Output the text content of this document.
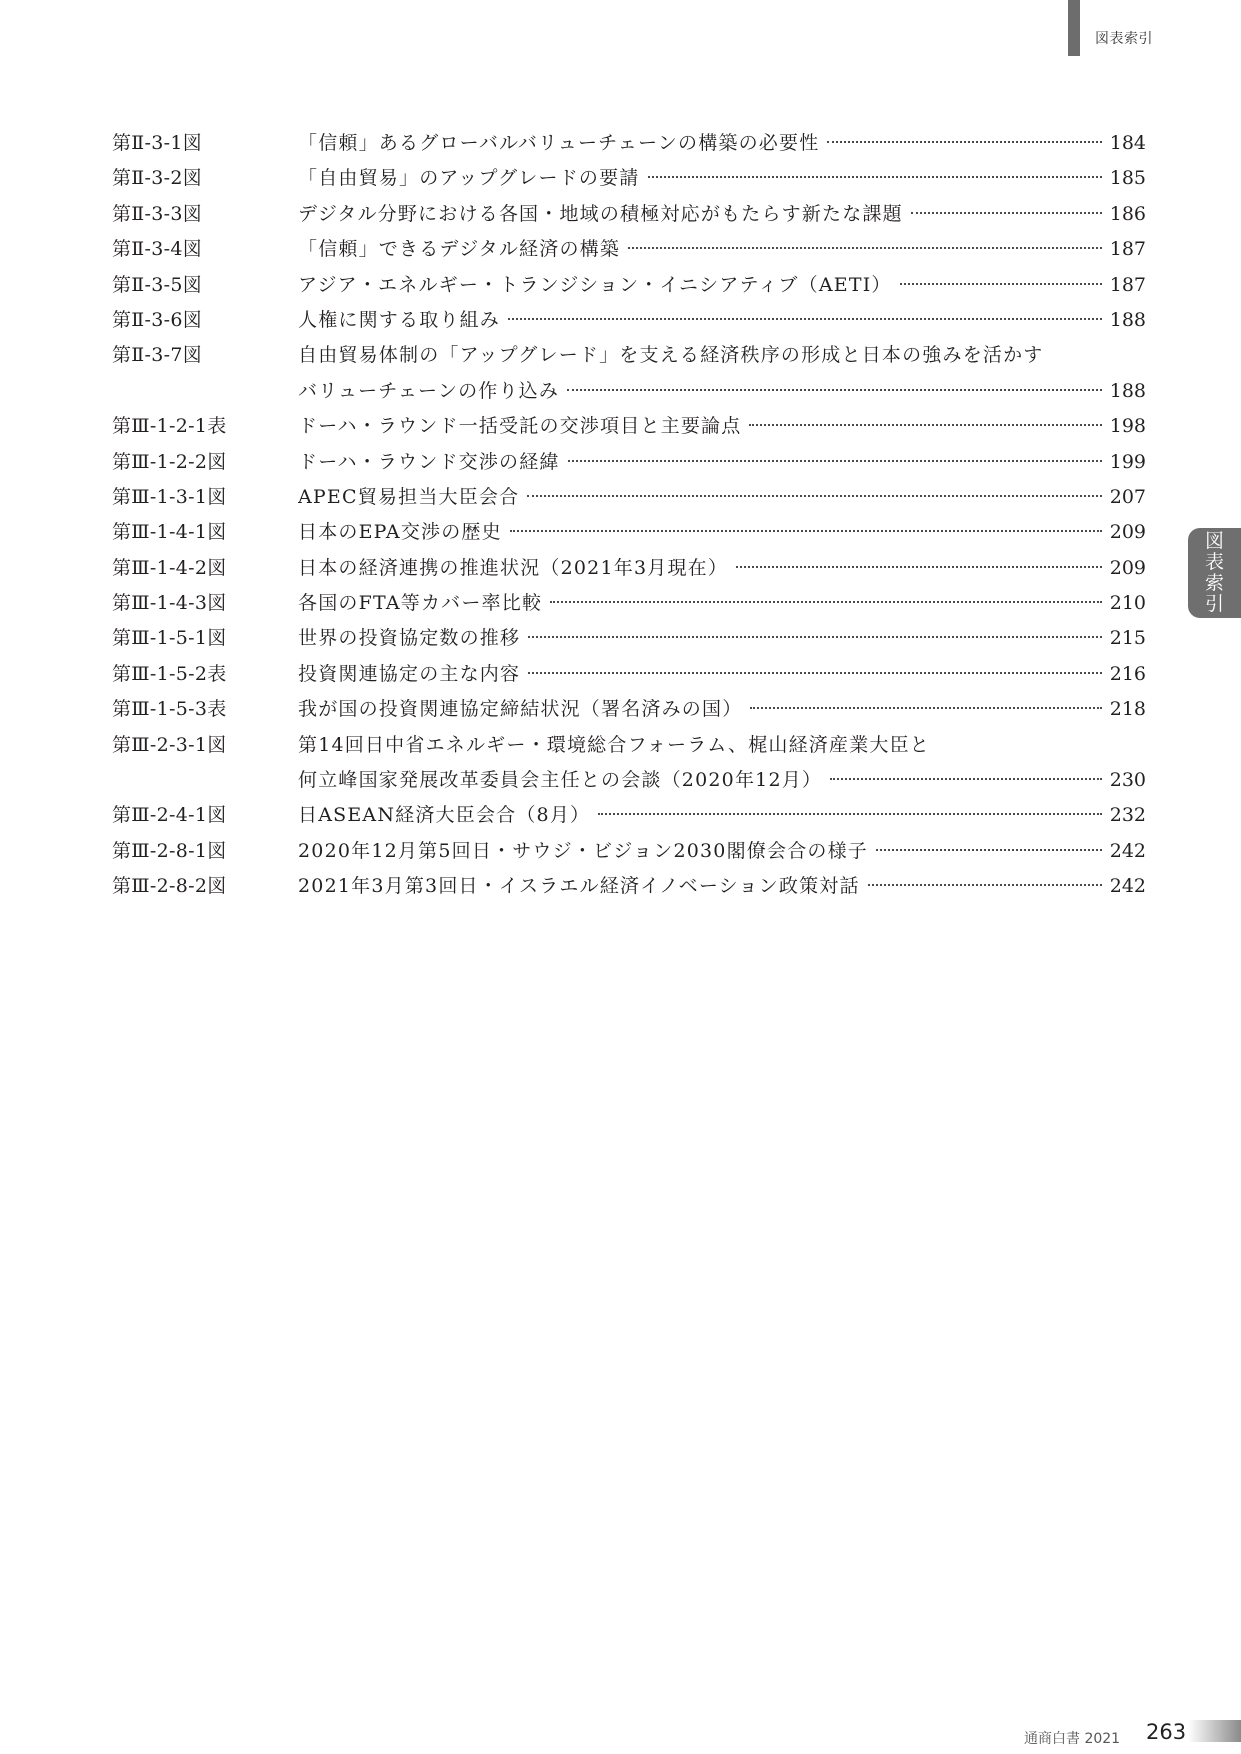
図表索引
図
表
索
引
第Ⅱ-3-1図	「信頼」あるグローバルバリューチェーンの構築の必要性	184
第Ⅱ-3-2図	「自由貿易」のアップグレードの要請	185
第Ⅱ-3-3図	デジタル分野における各国・地域の積極対応がもたらす新たな課題	186
第Ⅱ-3-4図	「信頼」できるデジタル経済の構築	187
第Ⅱ-3-5図	アジア・エネルギー・トランジション・イニシアティブ（AETI）	187
第Ⅱ-3-6図	人権に関する取り組み	188
第Ⅱ-3-7図	自由貿易体制の「アップグレード」を支える経済秩序の形成と日本の強みを活かす
バリューチェーンの作り込み	188
第Ⅲ-1-2-1表	ドーハ・ラウンド一括受託の交渉項目と主要論点	198
第Ⅲ-1-2-2図	ドーハ・ラウンド交渉の経緯	199
第Ⅲ-1-3-1図	APEC貿易担当大臣会合	207
第Ⅲ-1-4-1図	日本のEPA交渉の歴史	209
第Ⅲ-1-4-2図	日本の経済連携の推進状況（2021年3月現在）	209
第Ⅲ-1-4-3図	各国のFTA等カバー率比較	210
第Ⅲ-1-5-1図	世界の投資協定数の推移	215
第Ⅲ-1-5-2表	投資関連協定の主な内容	216
第Ⅲ-1-5-3表	我が国の投資関連協定締結状況（署名済みの国）	218
第Ⅲ-2-3-1図	第14回日中省エネルギー・環境総合フォーラム、梶山経済産業大臣と
何立峰国家発展改革委員会主任との会談（2020年12月）	230
第Ⅲ-2-4-1図	日ASEAN経済大臣会合（8月）	232
第Ⅲ-2-8-1図	2020年12月第5回日・サウジ・ビジョン2030閣僚会合の様子	242
第Ⅲ-2-8-2図	2021年3月第3回日・イスラエル経済イノベーション政策対話	242
通商白書 2021 263
